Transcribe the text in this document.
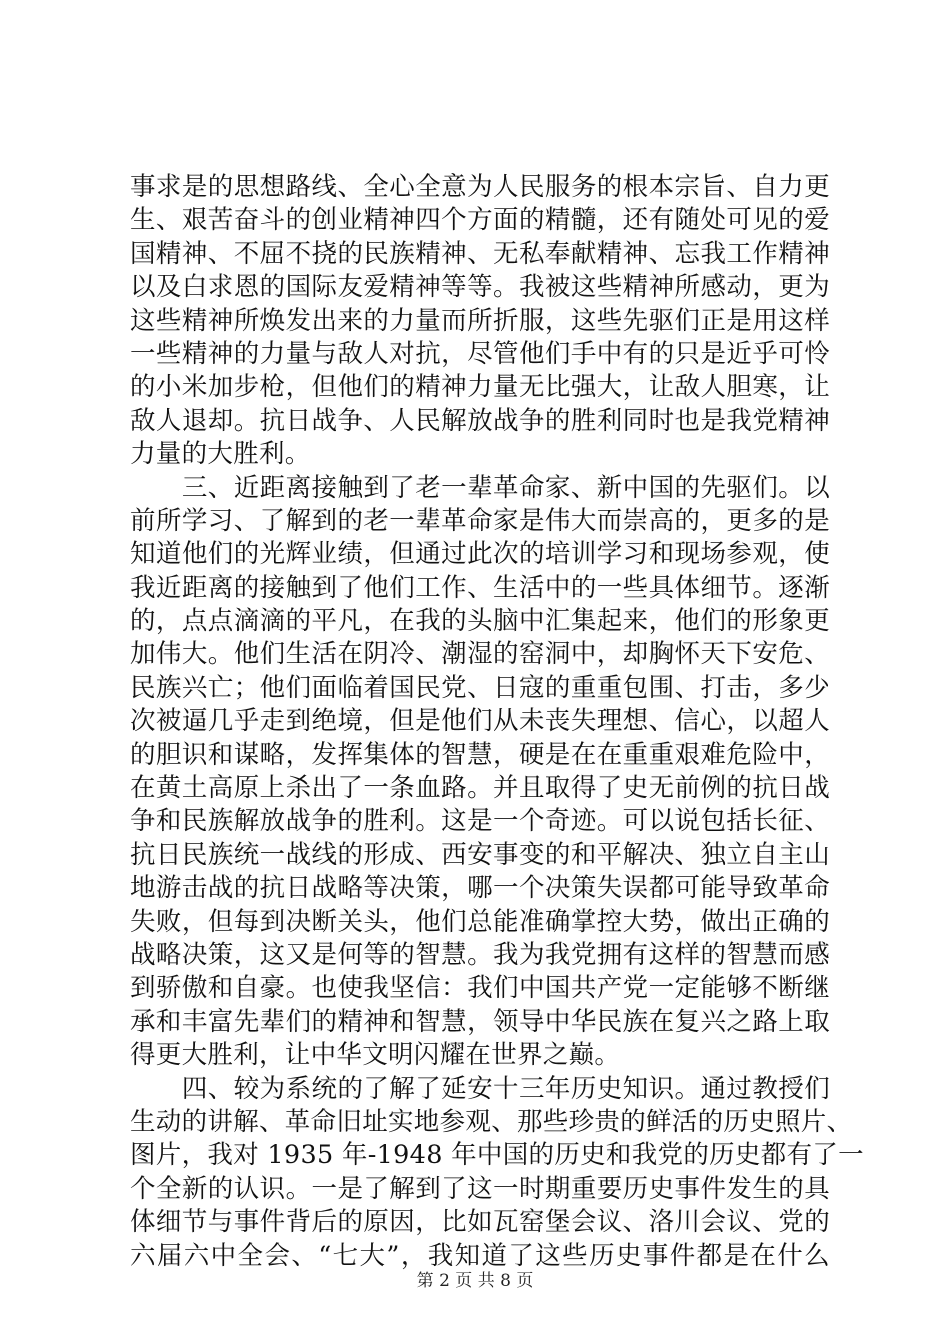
事求是的思想路线、全心全意为人民服务的根本宗旨、自力更
生、艰苦奋斗的创业精神四个方面的精髓，还有随处可见的爱
国精神、不屈不挠的民族精神、无私奉献精神、忘我工作精神
以及白求恩的国际友爱精神等等。我被这些精神所感动，更为
这些精神所焕发出来的力量而所折服，这些先驱们正是用这样
一些精神的力量与敌人对抗，尽管他们手中有的只是近乎可怜
的小米加步枪，但他们的精神力量无比强大，让敌人胆寒，让
敌人退却。抗日战争、人民解放战争的胜利同时也是我党精神
力量的大胜利。
　　三、近距离接触到了老一辈革命家、新中国的先驱们。以
前所学习、了解到的老一辈革命家是伟大而崇高的，更多的是
知道他们的光辉业绩，但通过此次的培训学习和现场参观，使
我近距离的接触到了他们工作、生活中的一些具体细节。逐渐
的，点点滴滴的平凡，在我的头脑中汇集起来，他们的形象更
加伟大。他们生活在阴冷、潮湿的窑洞中，却胸怀天下安危、
民族兴亡；他们面临着国民党、日寇的重重包围、打击，多少
次被逼几乎走到绝境，但是他们从未丧失理想、信心，以超人
的胆识和谋略，发挥集体的智慧，硬是在在重重艰难危险中，
在黄土高原上杀出了一条血路。并且取得了史无前例的抗日战
争和民族解放战争的胜利。这是一个奇迹。可以说包括长征、
抗日民族统一战线的形成、西安事变的和平解决、独立自主山
地游击战的抗日战略等决策，哪一个决策失误都可能导致革命
失败，但每到决断关头，他们总能准确掌控大势，做出正确的
战略决策，这又是何等的智慧。我为我党拥有这样的智慧而感
到骄傲和自豪。也使我坚信：我们中国共产党一定能够不断继
承和丰富先辈们的精神和智慧，领导中华民族在复兴之路上取
得更大胜利，让中华文明闪耀在世界之巅。
　　四、较为系统的了解了延安十三年历史知识。通过教授们
生动的讲解、革命旧址实地参观、那些珍贵的鲜活的历史照片、
图片，我对 1935 年-1948 年中国的历史和我党的历史都有了一
个全新的认识。一是了解到了这一时期重要历史事件发生的具
体细节与事件背后的原因，比如瓦窑堡会议、洛川会议、党的
六届六中全会、“七大”，我知道了这些历史事件都是在什么
第 2 页 共 8 页
